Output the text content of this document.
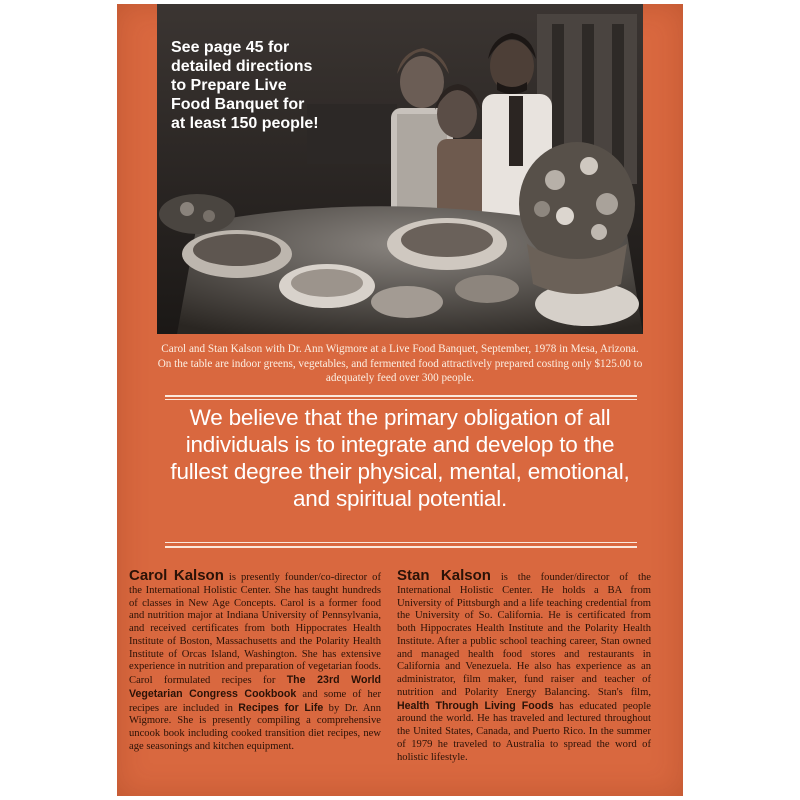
See page 45 for
detailed directions
to Prepare Live
Food Banquet for
at least 150 people!
Carol and Stan Kalson with Dr. Ann Wigmore at a Live Food Banquet, September, 1978 in Mesa, Arizona. On the table are indoor greens, vegetables, and fermented food attractively prepared costing only $125.00 to adequately feed over 300 people.
We believe that the primary obligation of all individuals is to integrate and develop to the fullest degree their physical, mental, emotional, and spiritual potential.
Carol Kalson is presently founder/co-director of the International Holistic Center. She has taught hundreds of classes in New Age Concepts. Carol is a former food and nutrition major at Indiana University of Pennsylvania, and received certificates from both Hippocrates Health Institute of Boston, Massachusetts and the Polarity Health Institute of Orcas Island, Washington. She has extensive experience in nutrition and preparation of vegetarian foods. Carol formulated recipes for The 23rd World Vegetarian Congress Cookbook and some of her recipes are included in Recipes for Life by Dr. Ann Wigmore. She is presently compiling a comprehensive uncook book including cooked transition diet recipes, new age seasonings and kitchen equipment.
Stan Kalson is the founder/director of the International Holistic Center. He holds a BA from University of Pittsburgh and a life teaching credential from the University of So. California. He is certificated from both Hippocrates Health Institute and the Polarity Health Institute. After a public school teaching career, Stan owned and managed health food stores and restaurants in California and Venezuela. He also has experience as an administrator, film maker, fund raiser and teacher of nutrition and Polarity Energy Balancing. Stan's film, Health Through Living Foods has educated people around the world. He has traveled and lectured throughout the United States, Canada, and Puerto Rico. In the summer of 1979 he traveled to Australia to spread the word of holistic lifestyle.
